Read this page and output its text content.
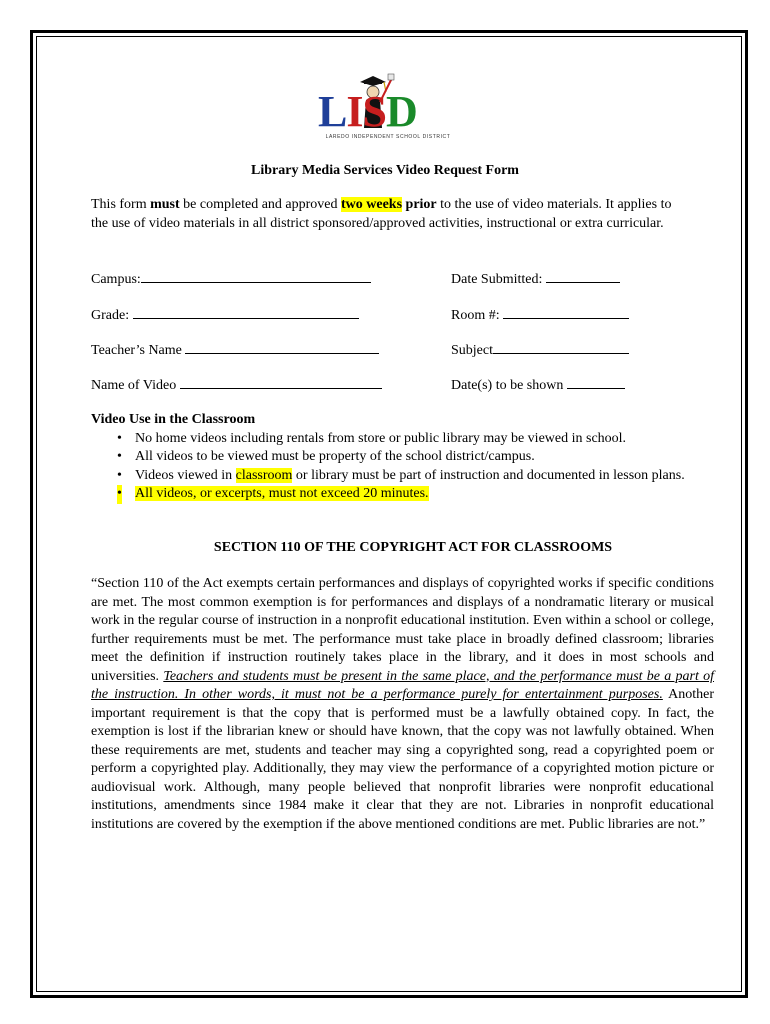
LISD
LAREDO INDEPENDENT SCHOOL DISTRICT
Library Media Services Video Request Form
This form must be completed and approved two weeks prior to the use of video materials. It applies to the use of video materials in all district sponsored/approved activities, instructional or extra curricular.
Campus:	Date Submitted:
Grade:	Room #:
Teacher’s Name	Subject
Name of Video	Date(s) to be shown
Video Use in the Classroom
• No home videos including rentals from store or public library may be viewed in school.
• All videos to be viewed must be property of the school district/campus.
• Videos viewed in classroom or library must be part of instruction and documented in lesson plans.
• All videos, or excerpts, must not exceed 20 minutes.
SECTION 110 OF THE COPYRIGHT ACT FOR CLASSROOMS
“Section 110 of the Act exempts certain performances and displays of copyrighted works if specific conditions are met. The most common exemption is for performances and displays of a nondramatic literary or musical work in the regular course of instruction in a nonprofit educational institution. Even within a school or college, further requirements must be met. The performance must take place in broadly defined classroom; libraries meet the definition if instruction routinely takes place in the library, and it does in most schools and universities. Teachers and students must be present in the same place, and the performance must be a part of the instruction. In other words, it must not be a performance purely for entertainment purposes. Another important requirement is that the copy that is performed must be a lawfully obtained copy. In fact, the exemption is lost if the librarian knew or should have known, that the copy was not lawfully obtained. When these requirements are met, students and teacher may sing a copyrighted song, read a copyrighted poem or perform a copyrighted play. Additionally, they may view the performance of a copyrighted motion picture or audiovisual work. Although, many people believed that nonprofit libraries were nonprofit educational institutions, amendments since 1984 make it clear that they are not. Libraries in nonprofit educational institutions are covered by the exemption if the above mentioned conditions are met. Public libraries are not.”
